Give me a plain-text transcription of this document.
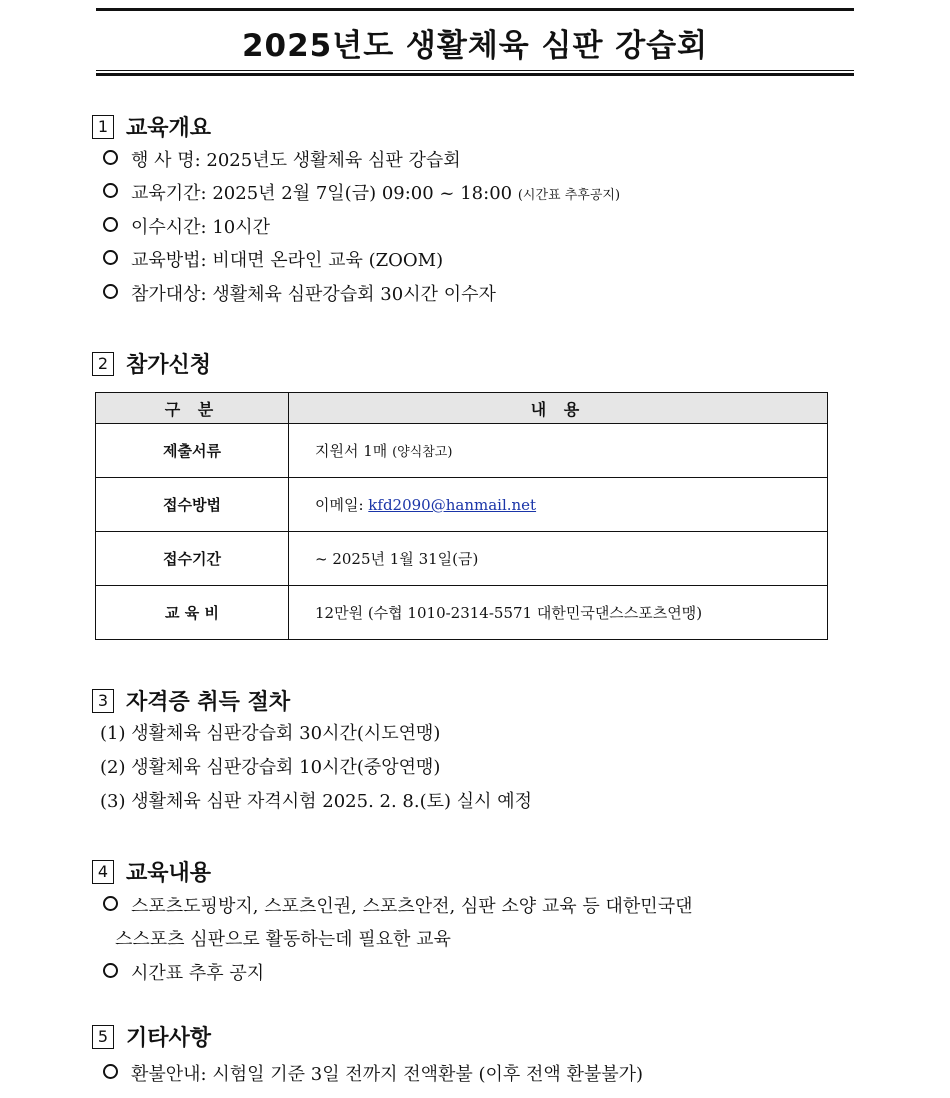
2025년도 생활체육 심판 강습회
1 교육개요
행 사 명: 2025년도 생활체육 심판 강습회
교육기간: 2025년 2월 7일(금) 09:00 ~ 18:00 (시간표 추후공지)
이수시간: 10시간
교육방법: 비대면 온라인 교육 (ZOOM)
참가대상: 생활체육 심판강습회 30시간 이수자
2 참가신청
구 분	내 용
제출서류	지원서 1매 (양식참고)
접수방법	이메일: kfd2090@hanmail.net
접수기간	~ 2025년 1월 31일(금)
교 육 비	12만원 (수협 1010-2314-5571 대한민국댄스스포츠연맹)
3 자격증 취득 절차
(1) 생활체육 심판강습회 30시간(시도연맹)
(2) 생활체육 심판강습회 10시간(중앙연맹)
(3) 생활체육 심판 자격시험 2025. 2. 8.(토) 실시 예정
4 교육내용
스포츠도핑방지, 스포츠인권, 스포츠안전, 심판 소양 교육 등 대한민국댄
스스포츠 심판으로 활동하는데 필요한 교육
시간표 추후 공지
5 기타사항
환불안내: 시험일 기준 3일 전까지 전액환불 (이후 전액 환불불가)
